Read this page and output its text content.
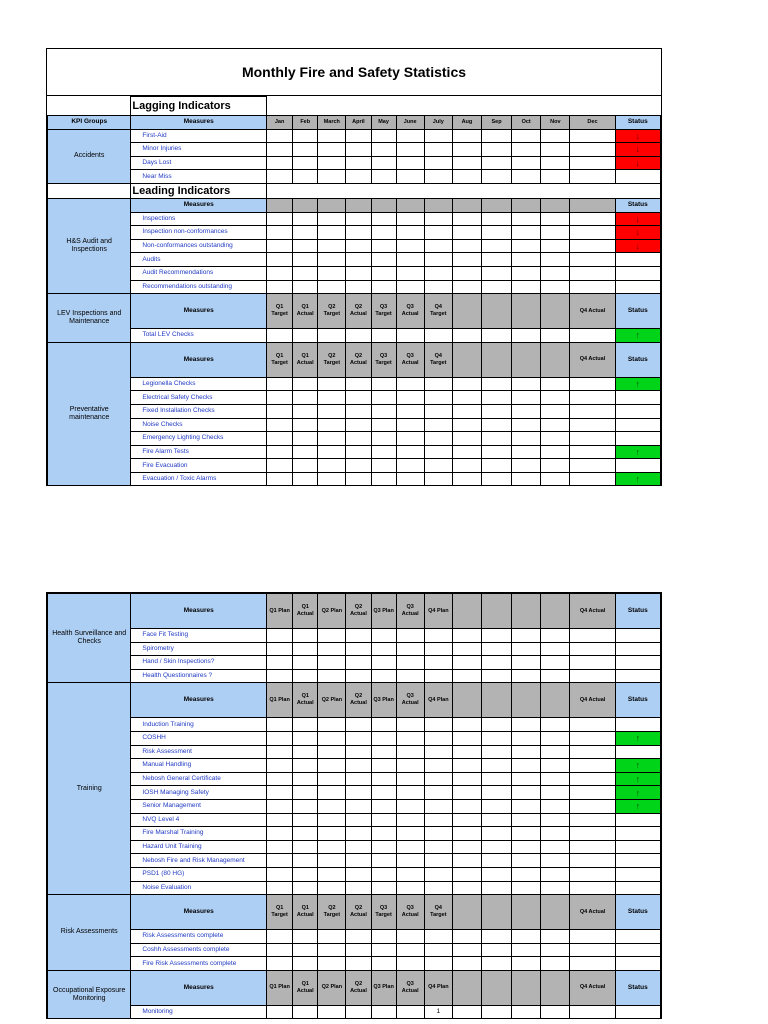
Monthly Fire and Safety Statistics
	Lagging Indicators													
KPI Groups	Measures	Jan	Feb	March	April	May	June	July	Aug	Sep	Oct	Nov	Dec	Status
Accidents	First-Aid													↓
	Minor Injuries													↓
	Days Lost													↓
	Near Miss													
	Leading Indicators													
H&S Audit and Inspections	Measures													Status
	Inspections													↓
	Inspection non-conformances													↓
	Non-conformances outstanding													↓
	Audits													
	Audit Recommendations													
	Recommendations outstanding													
LEV Inspections and Maintenance	Measures	Q1 Target	Q1 Actual	Q2 Target	Q2 Actual	Q3 Target	Q3 Actual	Q4 Target					Q4 Actual	Status
	Total LEV Checks													↑
Preventative maintenance	Measures	Q1 Target	Q1 Actual	Q2 Target	Q2 Actual	Q3 Target	Q3 Actual	Q4 Target					Q4 Actual	Status
	Legionella Checks													↑
	Electrical Safety Checks													
	Fixed Installation Checks													
	Noise Checks													
	Emergency Lighting Checks													
	Fire Alarm Tests													↑
	Fire Evacuation													
	Evacuation / Toxic Alarms													↑
Health Surveillance and Checks	Measures	Q1 Plan	Q1 Actual	Q2 Plan	Q2 Actual	Q3 Plan	Q3 Actual	Q4 Plan					Q4 Actual	Status
	Face Fit Testing													
	Spirometry													
	Hand / Skin Inspections?													
	Health Questionnaires ?													
Training	Measures	Q1 Plan	Q1 Actual	Q2 Plan	Q2 Actual	Q3 Plan	Q3 Actual	Q4 Plan					Q4 Actual	Status
	Induction Training													
	COSHH													↑
	Risk Assessment													
	Manual Handling													↑
	Nebosh General Certificate													↑
	IOSH Managing Safety													↑
	Senior Management													↑
	NVQ Level 4													
	Fire Marshal Training													
	Hazard Unit Training													
	Nebosh Fire and Risk Management													
	PSD1 (80 HG)													
	Noise Evaluation													
Risk Assessments	Measures	Q1 Target	Q1 Actual	Q2 Target	Q2 Actual	Q3 Target	Q3 Actual	Q4 Target					Q4 Actual	Status
	Risk Assessments complete													
	Coshh Assessments complete													
	Fire Risk Assessments complete													
Occupational Exposure Monitoring	Measures	Q1 Plan	Q1 Actual	Q2 Plan	Q2 Actual	Q3 Plan	Q3 Actual	Q4 Plan					Q4 Actual	Status
	Monitoring							1						
